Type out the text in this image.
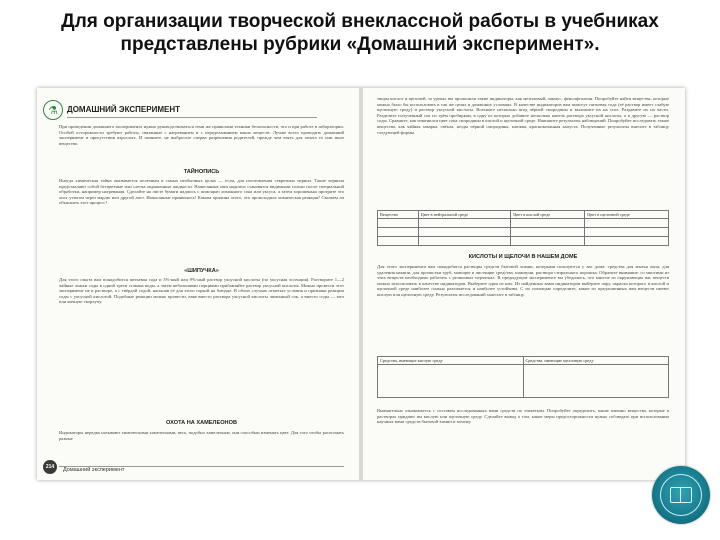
Для организации творческой внеклассной работы в учебниках
представлены рубрики «Домашний эксперимент».
⚗	ДОМАШНИЙ ЭКСПЕРИМЕНТ

При проведении домашнего эксперимента нужно руководствоваться теми же правилами техники безопасности, что и при работе в лаборатории. Особой осторожности требуют работы, связанные с нагреванием и с переделыванием каких веществ. Лучше всего проводить домашний эксперимент в присутствии взрослых. И помните, не выбросьте сперва разрешения родителей, прежде чем взять для опыта то или иное вещество.

ТАЙНОПИСЬ

Иногда химическая тайна оказывается полезным в самых необычных целях — если, для изготовления секретных чернил. Такие чернила представляют собой бесцветные или слегка окрашенные жидкости. Написанные ими надписи становятся видимыми только после специальной обработки, например нагревания. Сделайте на листе бумаги надпись с помощью лимонного сока или уксуса, а затем хорошенько протрите это лист утюгом через марлю или другой лист. Написанные проявились! Какова причина этого, что происходила химическая реакция? Сможем ли объяснить этот процесс?

«ШИПУЧКА»

Для этого опыта вам понадобится питьевая сода и 3%-ный или 9%-ный раствор уксусной кислоты (по уксусная эссенция). Растворите 1—2 чайные ложки соды в одной трети стакана воды, а затем небольшими порциями прибавляйте раствор уксусной кислоты. Можно провести этот эксперимент не в растворе, а с твёрдой содой, насыпав её для этого горкой на блюдце. В обоих случаях отметьте условия и признаки реакции соды с уксусной кислотой. Подобные реакции можно провести, взяв вместо раствора уксусной кислоты лимонный сок, а вместо соды — мел или яичную скорлупу.

ОХОТА НА ХАМЕЛЕОНОВ

Индикаторы нередко называют химическими хамелеонами, весь, подобно хамелеонам, они способны изменять цвет. Для того чтобы распознать разные

214	Домашний эксперимент

творы кислот и щелочей, за уроках вы пропилили такие индикаторы, как метиловый, лакмус, фенолфталеин. Попробуйте найти вещества, которые можно было бы использовать в так же целях в домашних условиях. В качестве индикаторов вам помогут питьевая сода (её раствор имеет слабую щелочную среду) и раствор уксусной кислоты. Возьмите несколько ягод чёрной смородины и выложите их на стол. Раздавите их на части. Разделите полученный сок по трём пробиркам, в одну из которых добавьте несколько капель раствора уксусной кислоты, а в другую — раствор соды. Сравните, как изменился цвет сока смородины в кислой и щелочной среде. Напишите результаты наблюдений. Попробуйте исследовать также вещества, как чайная заварка, свёкла, ягоды чёрной смородины, клюква, краснокочанная капуста. Полученные результаты внесите в таблицу следующей формы.

Вещество	Цвет в нейтральной среде	Цвет в кислой среде	Цвет в щелочной среде

КИСЛОТЫ И ЩЕЛОЧИ В НАШЕМ ДОМЕ

Для этого эксперимента вам понадобятся растворы средств бытовой химии, которыми пользуются у вас дома: средства для мытья окон, для удаления накипи, для прочистки труб, моющие и чистящие средства, шампуни, раствора стирального порошка. Обратите внимание: со многими из этих веществ необходимо работать с резиновых перчатках. В предыдущем эксперименте вы убедились, что многие из окружающих вас веществ можно использовать в качестве индикаторов. Выберите один из них. Из найденных вами индикаторов выберите пару, окраска которого в кислой и щелочной среде наиболее сильно различается и наиболее устойчива. С их помощью определите, какие из предложенных вам веществ имеют кислую или щелочную среду. Результаты исследований занесите в таблицу.

Средства, имеющие кислую среду	Средства, имеющие щелочную среду

Внимательно ознакомьтесь с составом исследованных вами средств по этикеткам. Попробуйте определить, какие именно вещества, которые в растворах придают им кислую или щелочную среду. Сделайте вывод о том, какие меры предосторожности нужно соблюдать при использовании научных вами средств бытовой химии и почему.
